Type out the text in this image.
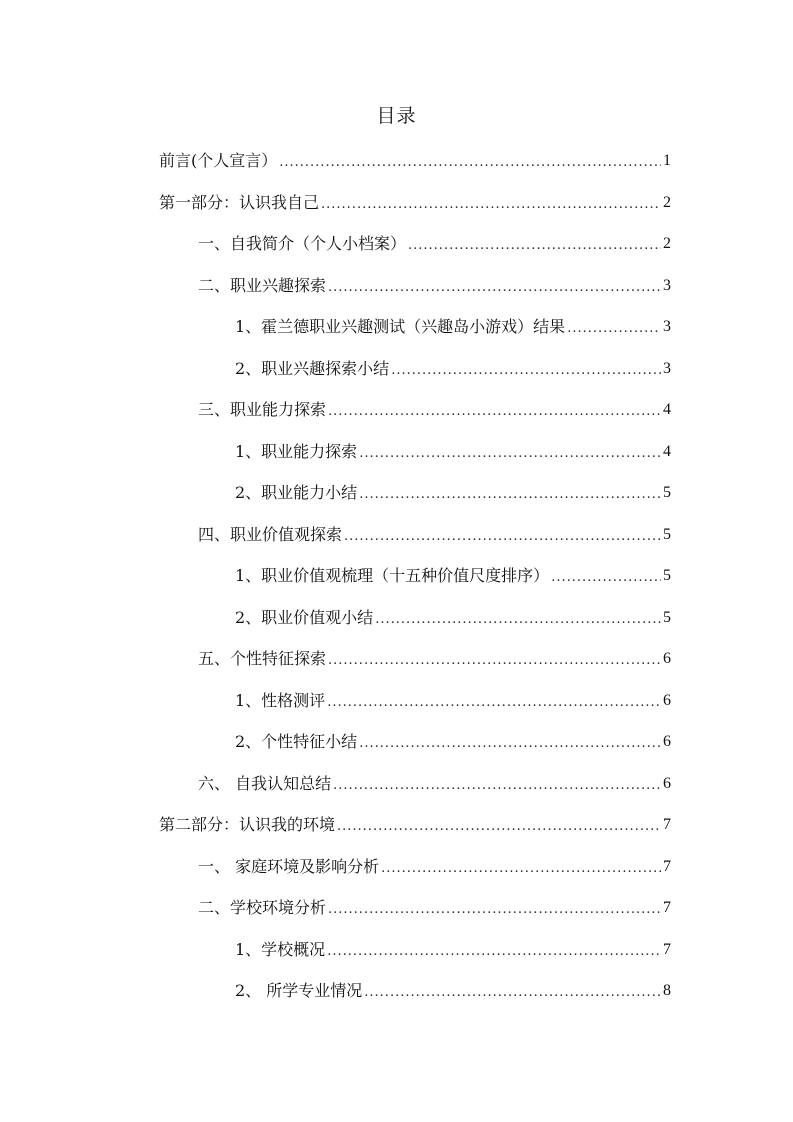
目录
前言(个人宣言） .....	1
第一部分：认识我自己 .....	2
一、自我简介（个人小档案） .....	2
二、职业兴趣探索 .....	3
1、霍兰德职业兴趣测试（兴趣岛小游戏）结果 .....	3
2、职业兴趣探索小结 .....	3
三、职业能力探索 .....	4
1、职业能力探索 .....	4
2、职业能力小结 .....	5
四、职业价值观探索 .....	5
1、职业价值观梳理（十五种价值尺度排序） .....	5
2、职业价值观小结 .....	5
五、个性特征探索 .....	6
1、性格测评 .....	6
2、个性特征小结 .....	6
六、 自我认知总结 .....	6
第二部分：认识我的环境 .....	7
一、 家庭环境及影响分析 .....	7
二、学校环境分析 .....	7
1、学校概况 .....	7
2、 所学专业情况 .....	8
